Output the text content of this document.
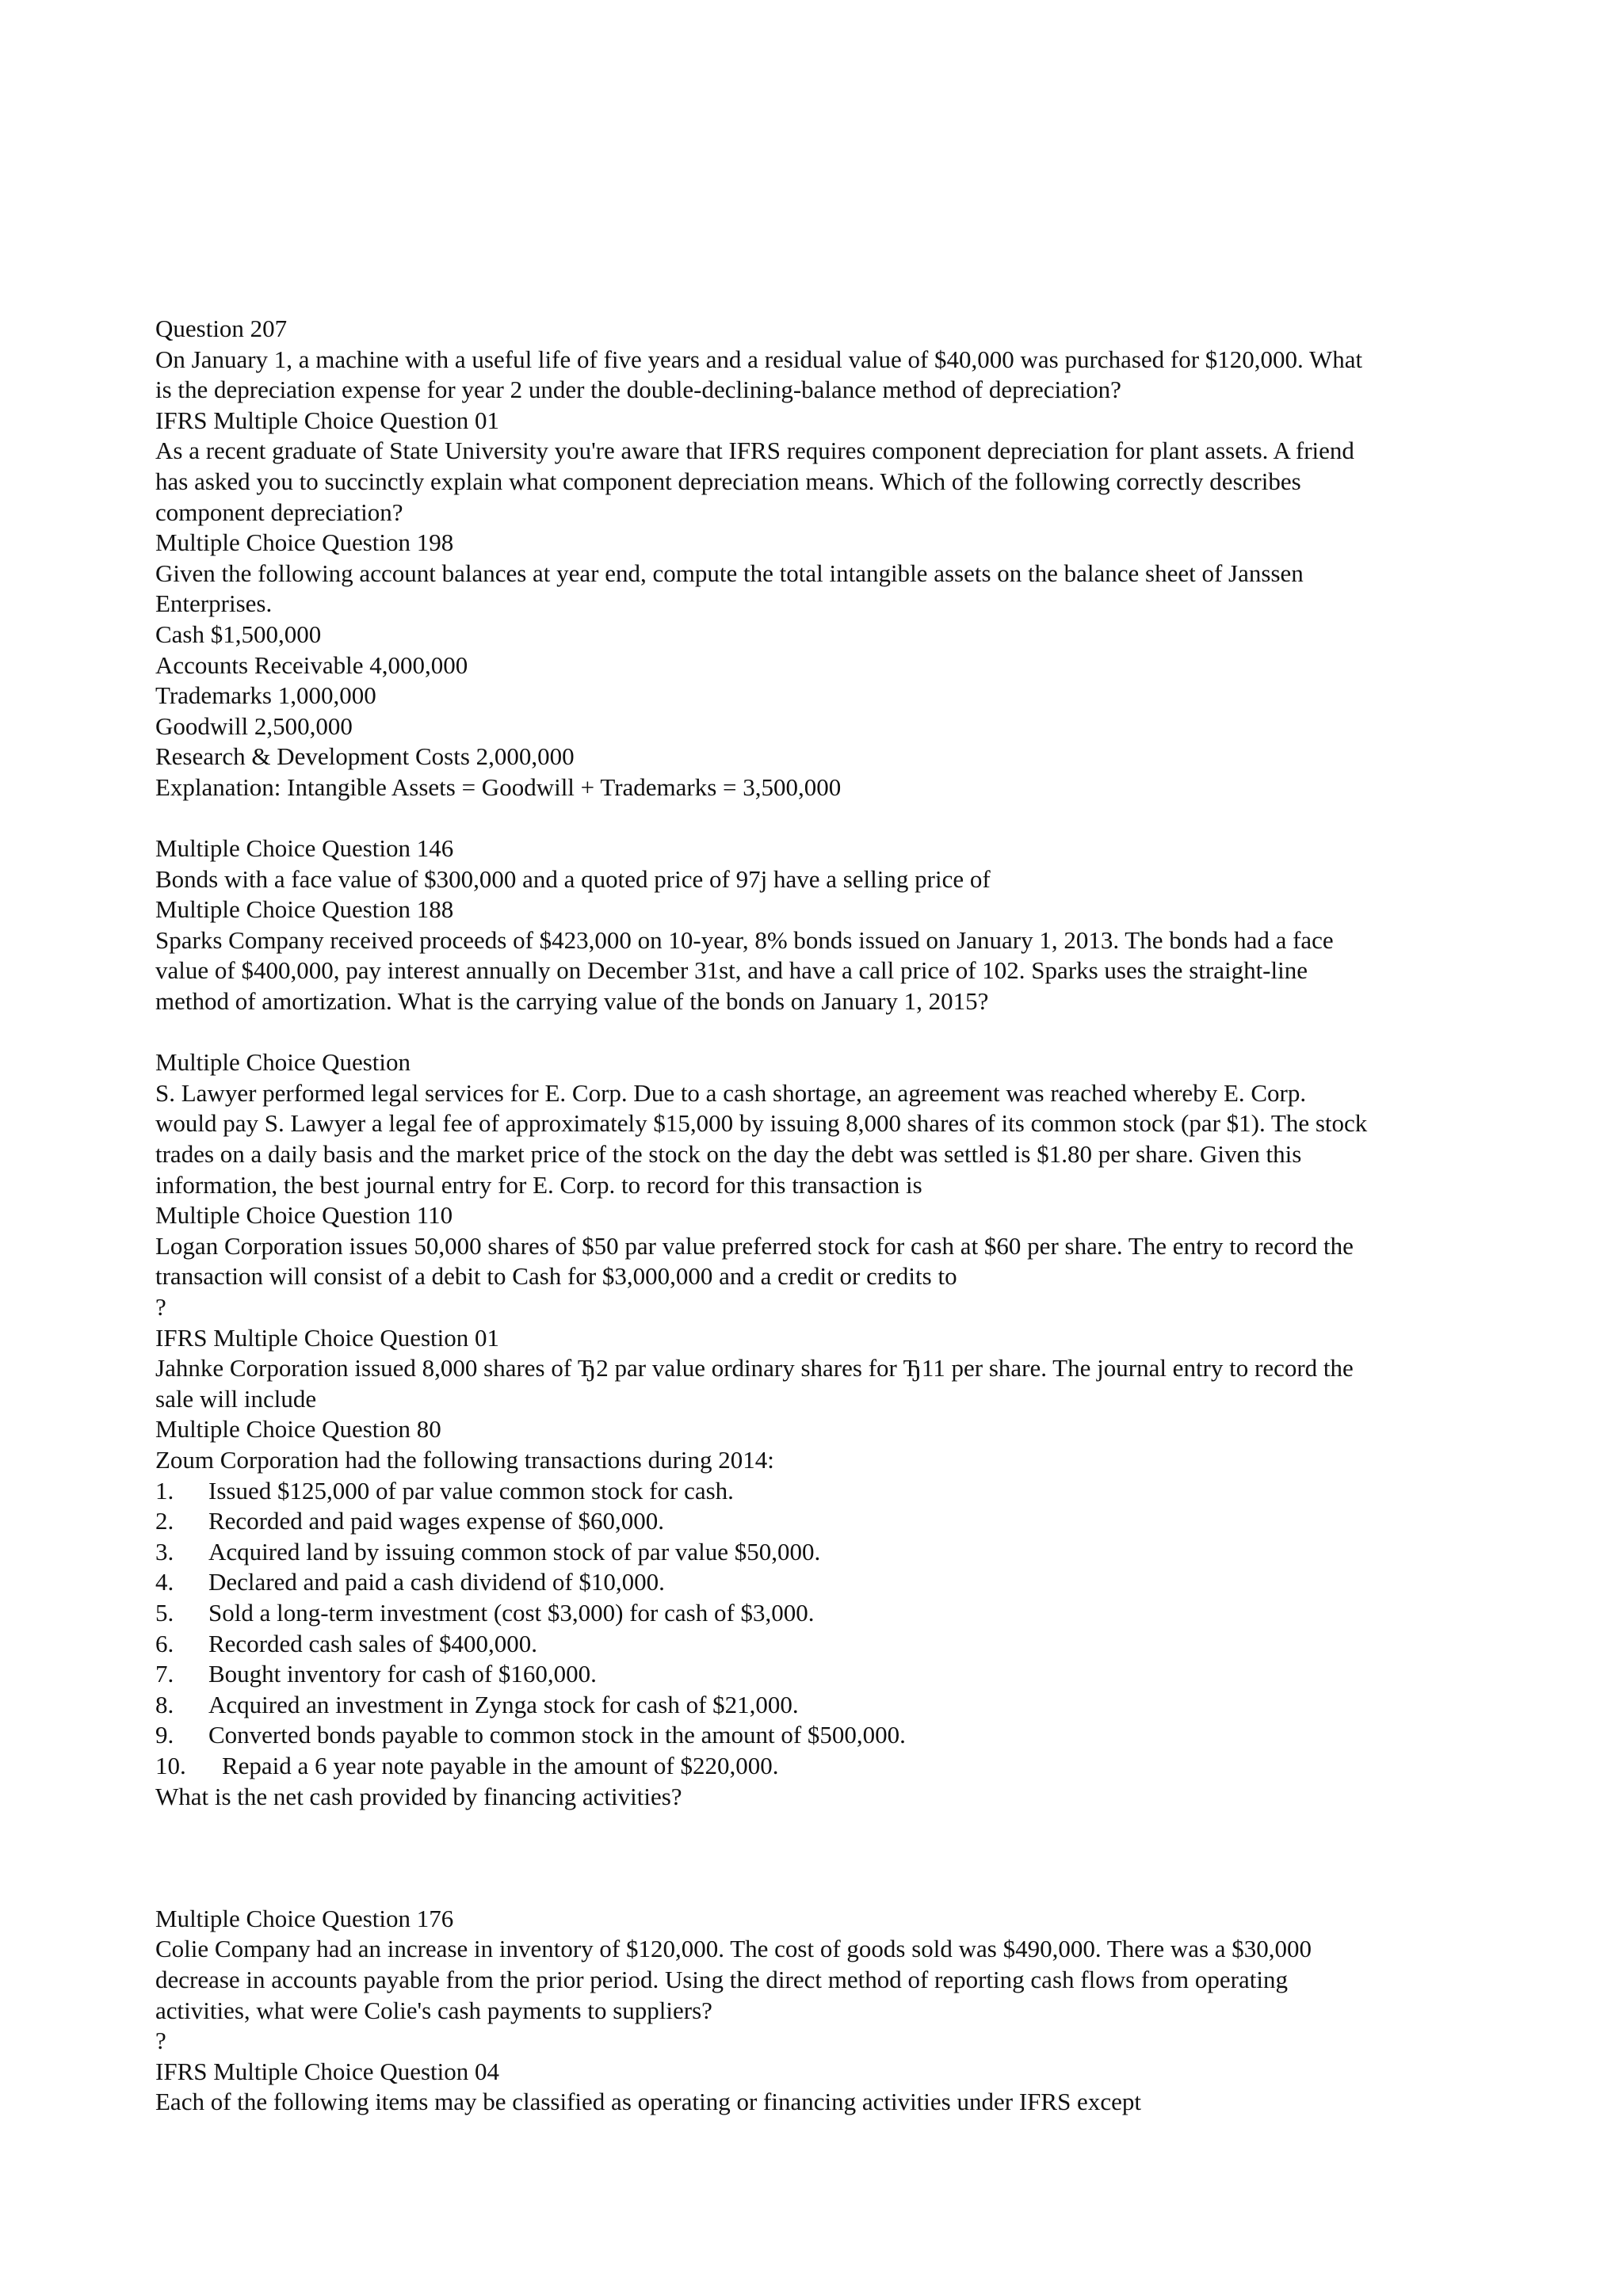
Question 207
On January 1, a machine with a useful life of five years and a residual value of $40,000 was purchased for $120,000. What
is the depreciation expense for year 2 under the double-declining-balance method of depreciation?
IFRS Multiple Choice Question 01
As a recent graduate of State University you're aware that IFRS requires component depreciation for plant assets. A friend
has asked you to succinctly explain what component depreciation means. Which of the following correctly describes
component depreciation?
Multiple Choice Question 198
Given the following account balances at year end, compute the total intangible assets on the balance sheet of Janssen
Enterprises.
Cash $1,500,000
Accounts Receivable 4,000,000
Trademarks 1,000,000
Goodwill 2,500,000
Research & Development Costs 2,000,000
Explanation: Intangible Assets = Goodwill + Trademarks = 3,500,000
Multiple Choice Question 146
Bonds with a face value of $300,000 and a quoted price of 97j have a selling price of
Multiple Choice Question 188
Sparks Company received proceeds of $423,000 on 10-year, 8% bonds issued on January 1, 2013. The bonds had a face
value of $400,000, pay interest annually on December 31st, and have a call price of 102. Sparks uses the straight-line
method of amortization. What is the carrying value of the bonds on January 1, 2015?
Multiple Choice Question
S. Lawyer performed legal services for E. Corp. Due to a cash shortage, an agreement was reached whereby E. Corp.
would pay S. Lawyer a legal fee of approximately $15,000 by issuing 8,000 shares of its common stock (par $1). The stock
trades on a daily basis and the market price of the stock on the day the debt was settled is $1.80 per share. Given this
information, the best journal entry for E. Corp. to record for this transaction is
Multiple Choice Question 110
Logan Corporation issues 50,000 shares of $50 par value preferred stock for cash at $60 per share. The entry to record the
transaction will consist of a debit to Cash for $3,000,000 and a credit or credits to
?
IFRS Multiple Choice Question 01
Jahnke Corporation issued 8,000 shares of Ђ2 par value ordinary shares for Ђ11 per share. The journal entry to record the
sale will include
Multiple Choice Question 80
Zoum Corporation had the following transactions during 2014:
1. Issued $125,000 of par value common stock for cash.
2. Recorded and paid wages expense of $60,000.
3. Acquired land by issuing common stock of par value $50,000.
4. Declared and paid a cash dividend of $10,000.
5. Sold a long-term investment (cost $3,000) for cash of $3,000.
6. Recorded cash sales of $400,000.
7. Bought inventory for cash of $160,000.
8. Acquired an investment in Zynga stock for cash of $21,000.
9. Converted bonds payable to common stock in the amount of $500,000.
10. Repaid a 6 year note payable in the amount of $220,000.
What is the net cash provided by financing activities?
Multiple Choice Question 176
Colie Company had an increase in inventory of $120,000. The cost of goods sold was $490,000. There was a $30,000
decrease in accounts payable from the prior period. Using the direct method of reporting cash flows from operating
activities, what were Colie's cash payments to suppliers?
?
IFRS Multiple Choice Question 04
Each of the following items may be classified as operating or financing activities under IFRS except
